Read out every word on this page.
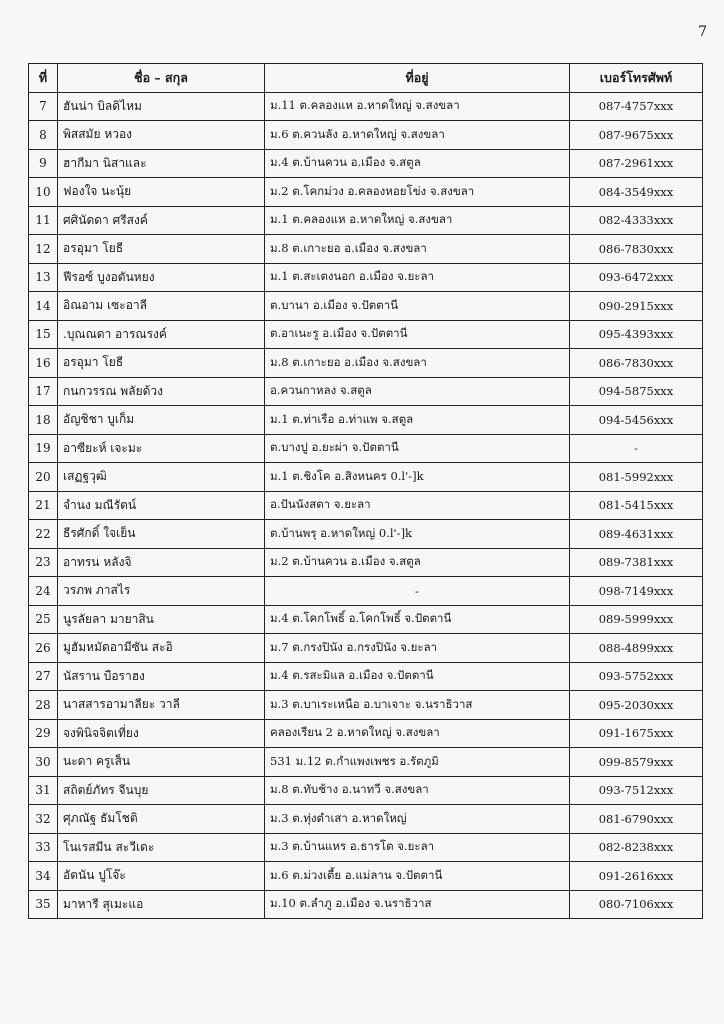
7
ที่	ชื่อ – สกุล	ที่อยู่	เบอร์โทรศัพท์
7	ฮันน่า บิลดิไหม	ม.11 ต.คลองแห อ.หาดใหญ่ จ.สงขลา	087-4757xxx
8	พิสสมัย หวอง	ม.6 ต.ควนลัง อ.หาดใหญ่ จ.สงขลา	087-9675xxx
9	ฮากีมา นิสาและ	ม.4 ต.บ้านควน อ.เมือง จ.สตูล	087-2961xxx
10	ฟองใจ นะนุ้ย	ม.2 ต.โคกม่วง อ.คลองหอยโข่ง จ.สงขลา	084-3549xxx
11	ศศินัดดา ศรีสงค์	ม.1 ต.คลองแห อ.หาดใหญ่ จ.สงขลา	082-4333xxx
12	อรอุมา โยธี	ม.8 ต.เกาะยอ อ.เมือง จ.สงขลา	086-7830xxx
13	ฟีรอซ์ บูงอตันหยง	ม.1 ต.สะเตงนอก อ.เมือง จ.ยะลา	093-6472xxx
14	อิณอาม เซะอาลี	ต.บานา อ.เมือง จ.ปัตตานี	090-2915xxx
15	.บุณณดา อารณรงค์	ต.อาเนะรู อ.เมือง จ.ปัตตานี	095-4393xxx
16	อรอุมา โยธี	ม.8 ต.เกาะยอ อ.เมือง จ.สงขลา	086-7830xxx
17	กนกวรรณ พลัยด้วง	อ.ควนกาหลง จ.สตูล	094-5875xxx
18	อัญชิชา บูเก็ม	ม.1 ต.ท่าเรือ อ.ท่าแพ จ.สตูล	094-5456xxx
19	อาซียะห์ เจะมะ	ต.บางปู อ.ยะผ่า จ.ปัตตานี	-
20	เสฏฐวุฒิ	ม.1 ต.ชิงโค อ.สิงหนคร 0.l'-]k	081-5992xxx
21	จำนง มณีรัตน์	อ.ปันนังสตา จ.ยะลา	081-5415xxx
22	ธีรศักดิ์ ใจเย็น	ต.บ้านพรุ อ.หาดใหญ่ 0.l'-]k	089-4631xxx
23	อาทรน หลังจิ	ม.2 ต.บ้านควน อ.เมือง จ.สตูล	089-7381xxx
24	วรภพ ภาสไร	-	098-7149xxx
25	นูรลัยลา มายาสิน	ม.4 ต.โคกโพธิ์ อ.โคกโพธิ์ จ.ปัตตานี	089-5999xxx
26	มูฮัมหมัดอามีซัน สะอิ	ม.7 ต.กรงปินัง อ.กรงปินัง จ.ยะลา	088-4899xxx
27	นัสราน บือราฮง	ม.4 ต.รสะมิแล อ.เมือง จ.ปัตตานี	093-5752xxx
28	นาสสารอามาลียะ วาลี	ม.3 ต.บาเระเหนือ อ.บาเจาะ จ.นราธิวาส	095-2030xxx
29	จงพินิจจิตเที่ยง	คลองเรียน 2 อ.หาดใหญ่ จ.สงขลา	091-1675xxx
30	นะดา ครูเส็น	531 ม.12 ต.กำแพงเพชร อ.รัตภูมิ	099-8579xxx
31	สถิตย์ภัทร จีนบุย	ม.8 ต.ทับช้าง อ.นาทวี จ.สงขลา	093-7512xxx
32	ศุภณัฐ ธัมโชติ	ม.3 ต.ทุ่งตำเสา อ.หาดใหญ่	081-6790xxx
33	โนเรสมีน สะวีเดะ	ม.3 ต.บ้านแหร อ.ธารโต จ.ยะลา	082-8238xxx
34	อัตนัน ปูโจ๊ะ	ม.6 ต.ม่วงเตี้ย อ.แม่ลาน จ.ปัตตานี	091-2616xxx
35	มาหารี สุเมะแอ	ม.10 ต.ลำภู อ.เมือง จ.นราธิวาส	080-7106xxx
